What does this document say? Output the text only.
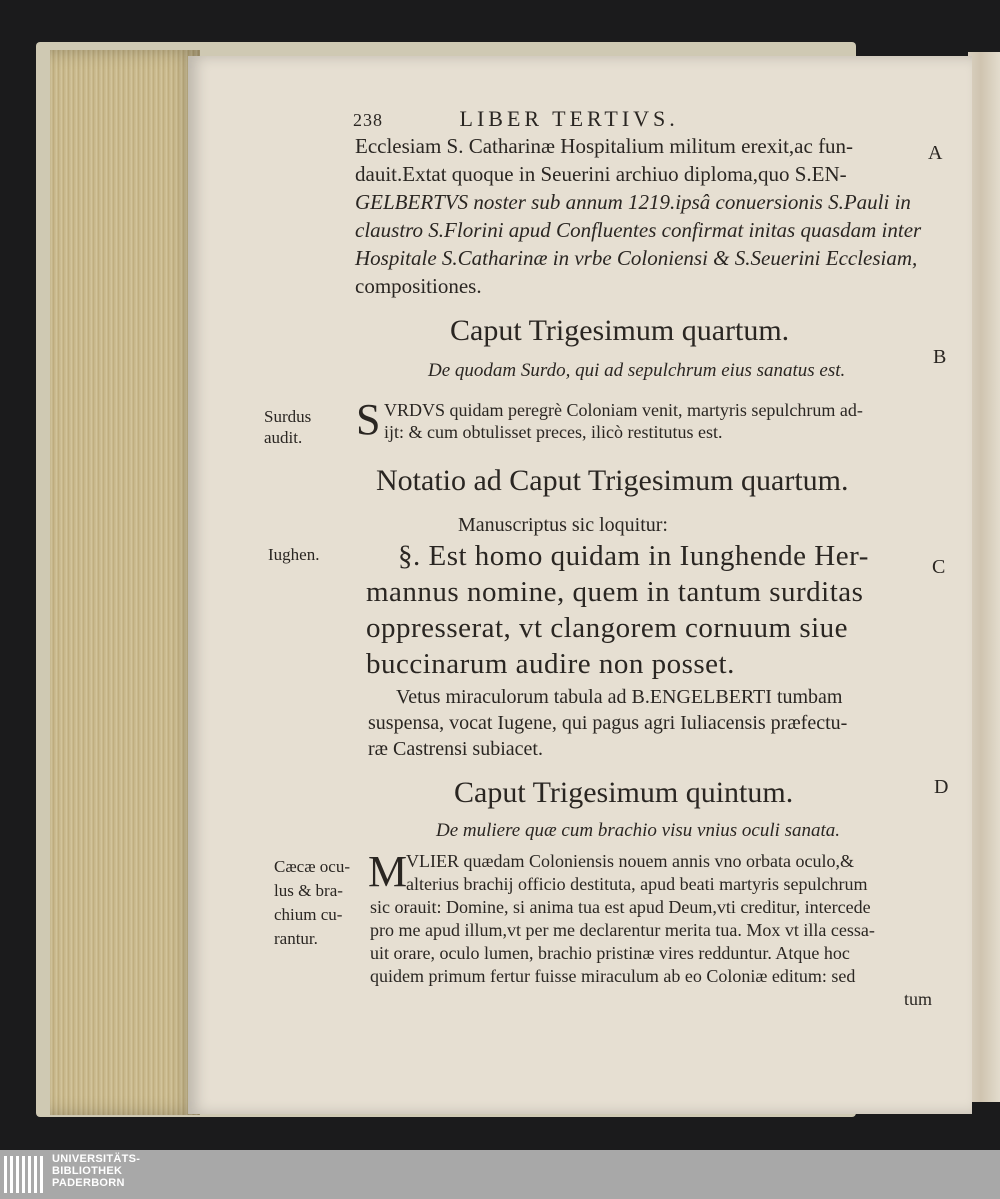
238	LIBER TERTIVS.
Ecclesiam S. Catharinæ Hospitalium militum erexit,ac fun-
dauit.Extat quoque in Seuerini archiuo diploma,quo S.EN-
GELBERTVS noster sub annum 1219.ipsâ conuersionis S.Pauli in
claustro S.Florini apud Confluentes confirmat initas quasdam inter
Hospitale S.Catharinæ in vrbe Coloniensi & S.Seuerini Ecclesiam,
compositiones.
A
Caput Trigesimum quartum.
De quodam Surdo, qui ad sepulchrum eius sanatus est.
B
Surdus
audit. S VRDVS quidam peregrè Coloniam venit, martyris sepulchrum ad-
ijt: & cum obtulisset preces, ilicò restitutus est.
Notatio ad Caput Trigesimum quartum.
Manuscriptus sic loquitur:
Iughen.	§. Est homo quidam in Iunghende Her-
mannus nomine, quem in tantum surditas
oppresserat, vt clangorem cornuum siue
buccinarum audire non posset.
C
Vetus miraculorum tabula ad B.ENGELBERTI tumbam
suspensa, vocat Iugene, qui pagus agri Iuliacensis præfectu-
ræ Castrensi subiacet.
Caput Trigesimum quintum.	D
De muliere quæ cum brachio visu vnius oculi sanata.
Cæcæ ocu-
lus & bra-
chium cu-
rantur.
M
VLIER quædam Coloniensis nouem annis vno orbata oculo,&
alterius brachij officio destituta, apud beati martyris sepulchrum
sic orauit: Domine, si anima tua est apud Deum,vti creditur, intercede
pro me apud illum,vt per me declarentur merita tua. Mox vt illa cessa-
uit orare, oculo lumen, brachio pristinæ vires redduntur. Atque hoc
quidem primum fertur fuisse miraculum ab eo Coloniæ editum: sed
tum
UNIVERSITÄTS-
BIBLIOTHEK
PADERBORN
